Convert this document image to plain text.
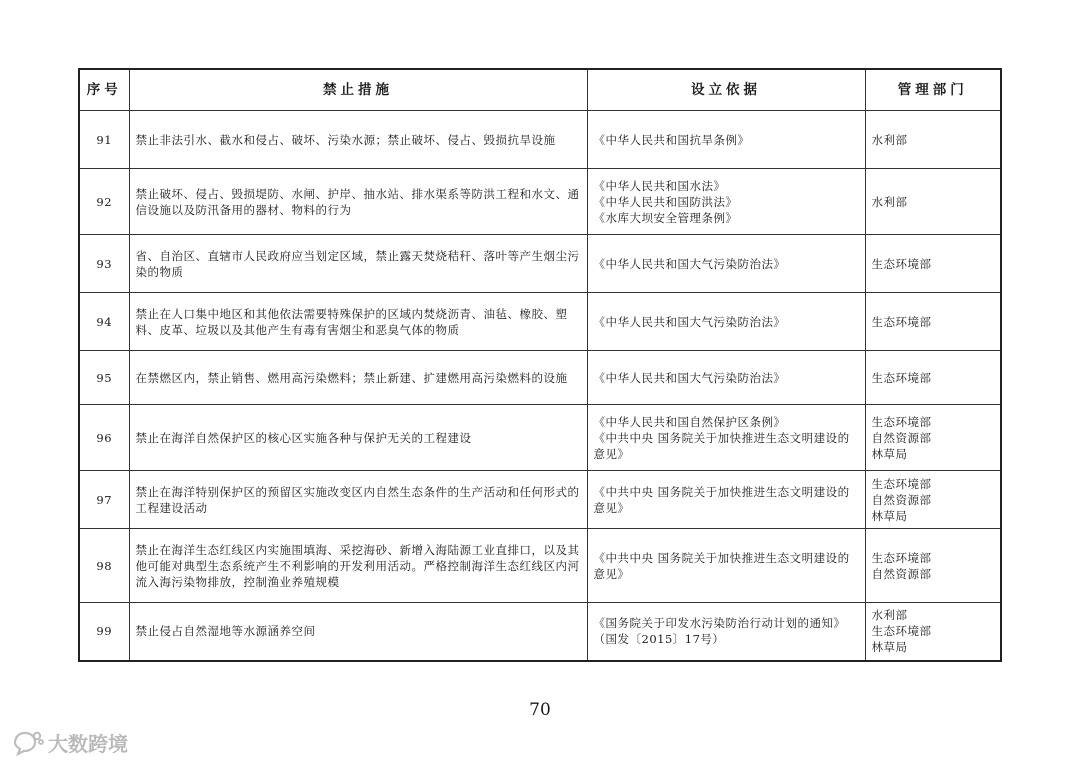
序号	禁止措施	设立依据	管理部门
91	禁止非法引水、截水和侵占、破坏、污染水源；禁止破坏、侵占、毁损抗旱设施	《中华人民共和国抗旱条例》	水利部

92	禁止破坏、侵占、毁损堤防、水闸、护岸、抽水站、排水渠系等防洪工程和水文、通信设施以及防汛备用的器材、物料的行为	《中华人民共和国水法》
《中华人民共和国防洪法》
《水库大坝安全管理条例》	水利部

93	省、自治区、直辖市人民政府应当划定区域，禁止露天焚烧秸秆、落叶等产生烟尘污染的物质	《中华人民共和国大气污染防治法》	生态环境部

94	禁止在人口集中地区和其他依法需要特殊保护的区域内焚烧沥青、油毡、橡胶、塑料、皮革、垃圾以及其他产生有毒有害烟尘和恶臭气体的物质	《中华人民共和国大气污染防治法》	生态环境部

95	在禁燃区内，禁止销售、燃用高污染燃料；禁止新建、扩建燃用高污染燃料的设施	《中华人民共和国大气污染防治法》	生态环境部

96	禁止在海洋自然保护区的核心区实施各种与保护无关的工程建设	《中华人民共和国自然保护区条例》
《中共中央 国务院关于加快推进生态文明建设的
意见》	生态环境部
自然资源部
林草局

97	禁止在海洋特别保护区的预留区实施改变区内自然生态条件的生产活动和任何形式的工程建设活动	《中共中央 国务院关于加快推进生态文明建设的
意见》	生态环境部
自然资源部
林草局

98	禁止在海洋生态红线区内实施围填海、采挖海砂、新增入海陆源工业直排口，以及其他可能对典型生态系统产生不利影响的开发利用活动。严格控制海洋生态红线区内河流入海污染物排放，控制渔业养殖规模	《中共中央 国务院关于加快推进生态文明建设的
意见》	生态环境部
自然资源部

99	禁止侵占自然湿地等水源涵养空间	《国务院关于印发水污染防治行动计划的通知》
（国发〔2015〕17号）	水利部
生态环境部
林草局
70
大数跨境
